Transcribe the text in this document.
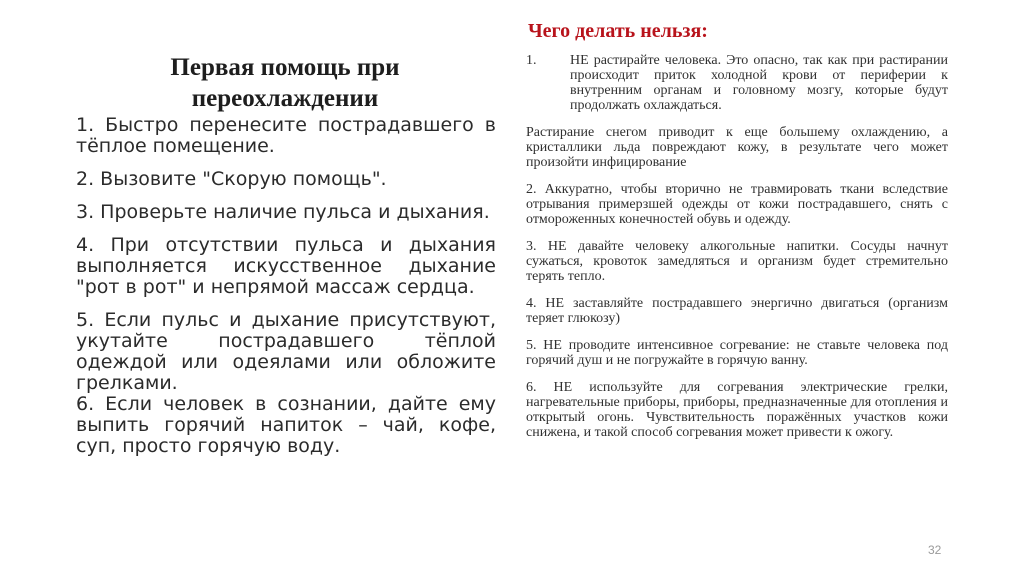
Первая помощь при переохлаждении

1. Быстро перенесите пострадавшего в тёплое помещение.

2. Вызовите "Скорую помощь".

3. Проверьте наличие пульса и дыхания.

4. При отсутствии пульса и дыхания выполняется искусственное дыхание "рот в рот" и непрямой массаж сердца.

5. Если пульс и дыхание присутствуют, укутайте пострадавшего тёплой одеждой или одеялами или обложите грелками.

6. Если человек в сознании, дайте ему выпить горячий напиток – чай, кофе, суп, просто горячую воду.

Чего делать нельзя:
1.	НЕ растирайте человека. Это опасно, так как при растирании происходит приток холодной крови от периферии к внутренним органам и головному мозгу, которые будут продолжать охлаждаться.

Растирание снегом приводит к еще большему охлаждению, а кристаллики льда повреждают кожу, в результате чего может произойти инфицирование

2. Аккуратно, чтобы вторично не травмировать ткани вследствие отрывания примерзшей одежды от кожи пострадавшего, снять с отмороженных конечностей обувь и одежду.

3. НЕ давайте человеку алкогольные напитки. Сосуды начнут сужаться, кровоток замедляться и организм будет стремительно терять тепло.

4. НЕ заставляйте пострадавшего энергично двигаться (организм теряет глюкозу)

5. НЕ проводите интенсивное согревание: не ставьте человека под горячий душ и не погружайте в горячую ванну.

6. НЕ используйте для согревания электрические грелки, нагревательные приборы, приборы, предназначенные для отопления и открытый огонь. Чувствительность поражённых участков кожи снижена, и такой способ согревания может привести к ожогу.

32
